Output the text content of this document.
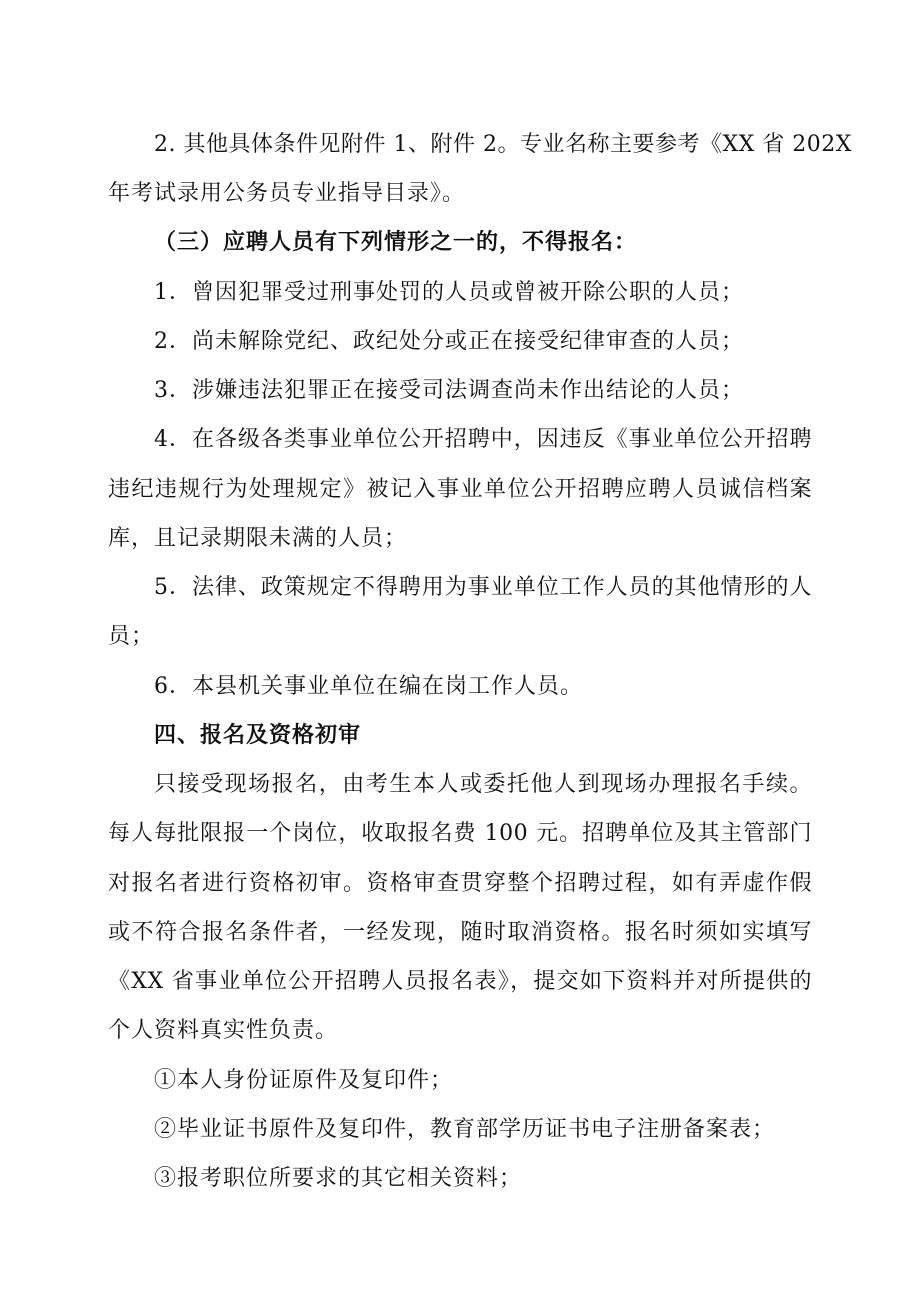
2. 其他具体条件见附件 1、附件 2。专业名称主要参考《XX 省 202X
年考试录用公务员专业指导目录》。
（三）应聘人员有下列情形之一的，不得报名：
1．曾因犯罪受过刑事处罚的人员或曾被开除公职的人员；
2．尚未解除党纪、政纪处分或正在接受纪律审查的人员；
3．涉嫌违法犯罪正在接受司法调查尚未作出结论的人员；
4．在各级各类事业单位公开招聘中，因违反《事业单位公开招聘
违纪违规行为处理规定》被记入事业单位公开招聘应聘人员诚信档案
库，且记录期限未满的人员；
5．法律、政策规定不得聘用为事业单位工作人员的其他情形的人
员；
6．本县机关事业单位在编在岗工作人员。
四、报名及资格初审
只接受现场报名，由考生本人或委托他人到现场办理报名手续。
每人每批限报一个岗位，收取报名费 100 元。招聘单位及其主管部门
对报名者进行资格初审。资格审查贯穿整个招聘过程，如有弄虚作假
或不符合报名条件者，一经发现，随时取消资格。报名时须如实填写
《XX 省事业单位公开招聘人员报名表》，提交如下资料并对所提供的
个人资料真实性负责。
①本人身份证原件及复印件；
②毕业证书原件及复印件，教育部学历证书电子注册备案表；
③报考职位所要求的其它相关资料；
